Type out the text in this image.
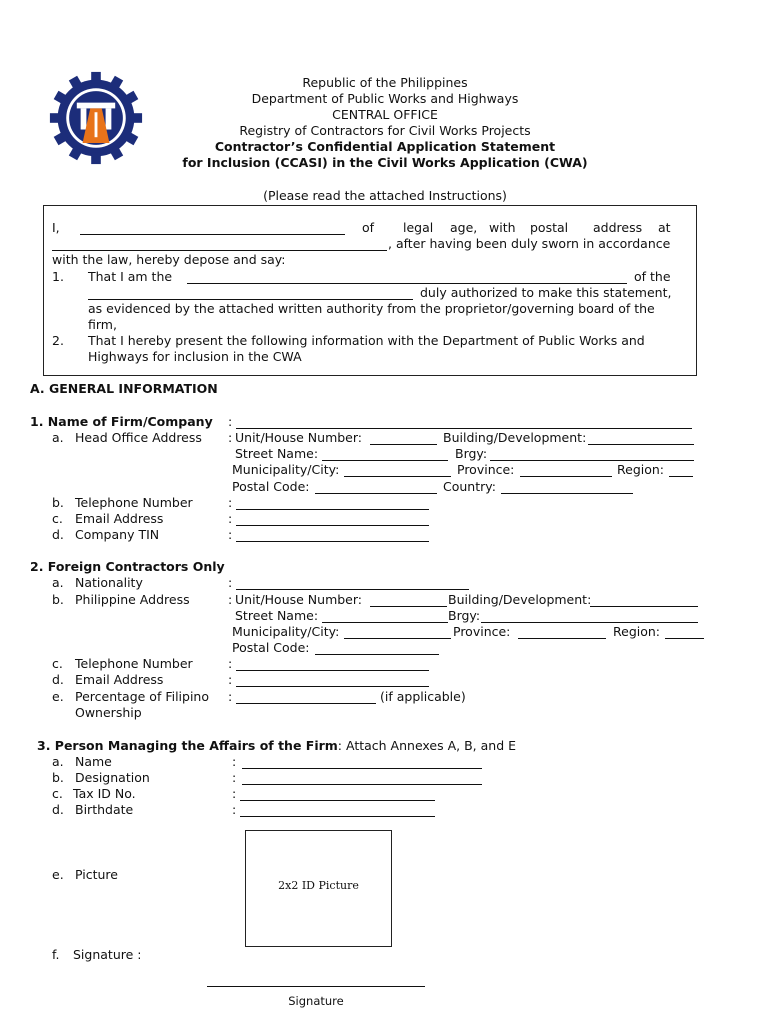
Republic of the Philippines
Department of Public Works and Highways
CENTRAL OFFICE
Registry of Contractors for Civil Works Projects
Contractor’s Confidential Application Statement
for Inclusion (CCASI) in the Civil Works Application (CWA)
(Please read the attached Instructions)
I,	of legal age, with postal address at
, after having been duly sworn in accordance
with the law, hereby depose and say:
1. That I am the	of the
duly authorized to make this statement,
as evidenced by the attached written authority from the proprietor/governing board of the
firm,
2. That I hereby present the following information with the Department of Public Works and
Highways for inclusion in the CWA
A. GENERAL INFORMATION
1. Name of Firm/Company :
a. Head Office Address : Unit/House Number:	Building/Development:
Street Name:	Brgy:
Municipality/City:	Province:	Region:
Postal Code:	Country:
b. Telephone Number	:
c. Email Address	:
d. Company TIN	:
2. Foreign Contractors Only
a. Nationality	:
b. Philippine Address	: Unit/House Number:	Building/Development:
Street Name:	Brgy:
Municipality/City:	Province:	Region:
Postal Code:
c. Telephone Number	:
d. Email Address	:
e. Percentage of Filipino
Ownership
:	(if applicable)
3. Person Managing the Affairs of the Firm: Attach Annexes A, B, and E
a. Name	:
b. Designation	:
c. Tax ID No.	:
d. Birthdate	:
e. Picture
2x2 ID Picture
f. Signature :
Signature
